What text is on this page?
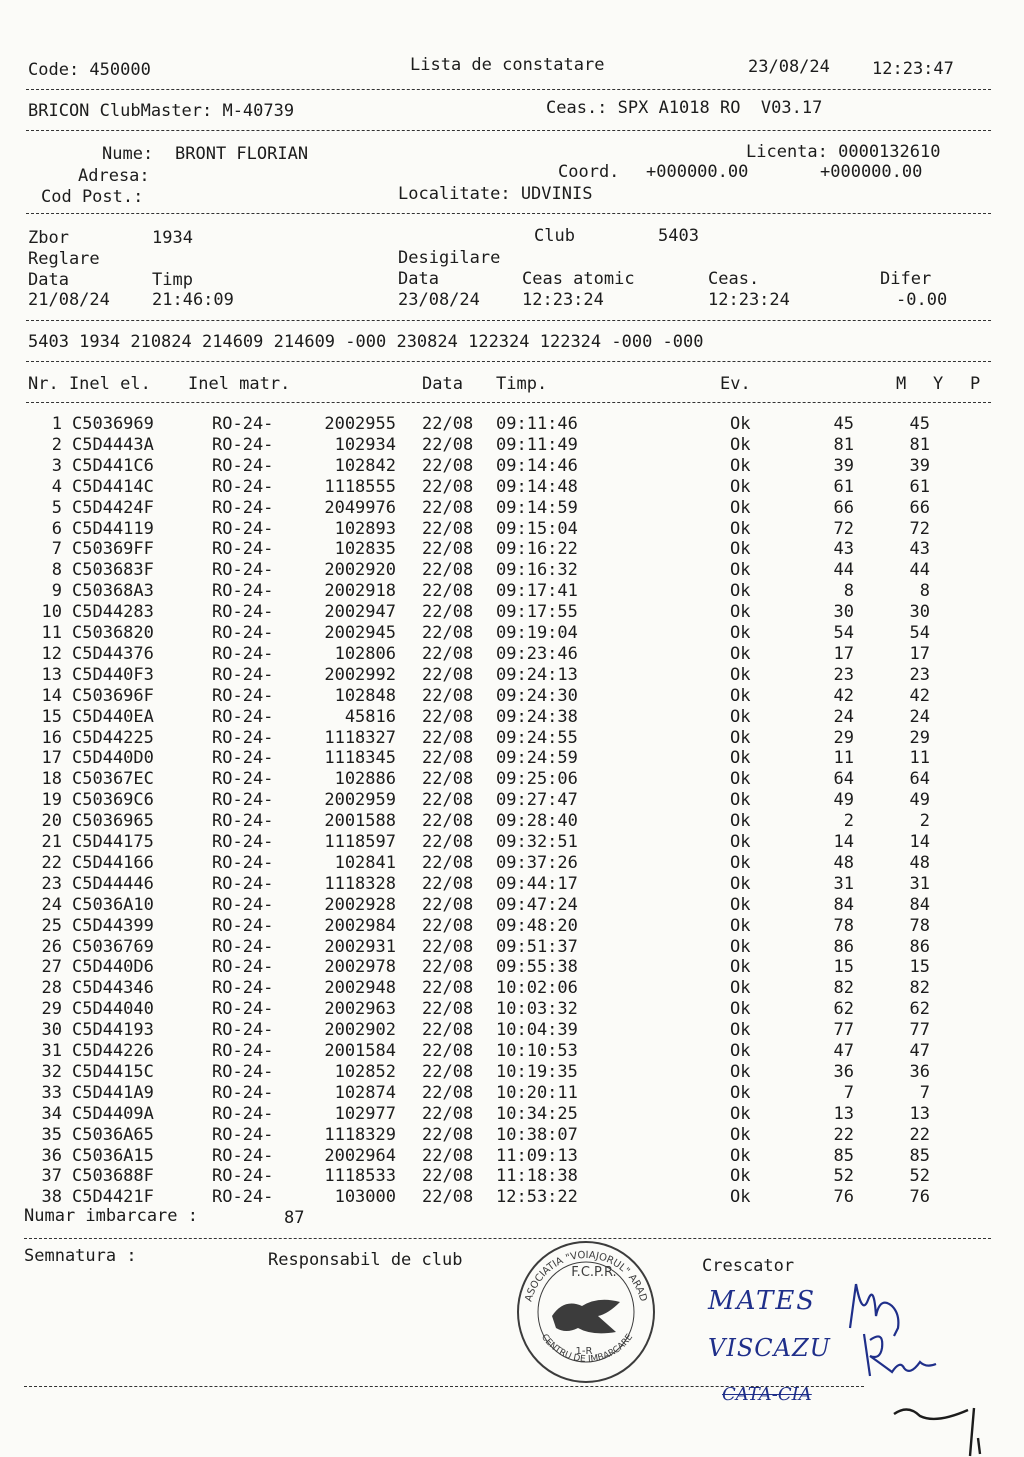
Code: 450000	Lista de constatare	23/08/24 12:23:47
BRICON ClubMaster: M-40739	Ceas.: SPX A1018 RO  V03.17
Nume: BRONT FLORIAN	Licenta: 0000132610
Adresa:	Coord. +000000.00	+000000.00
Cod Post.:	Localitate: UDVINIS
Zbor	1934	Club	5403
Reglare	Desigilare
Data	Timp	Data	Ceas atomic	Ceas.	Difer
21/08/24 21:46:09	23/08/24 12:23:24	12:23:24	-0.00
5403 1934 210824 214609 214609 -000 230824 122324 122324 -000 -000
Nr. Inel el. Inel matr.	Data Timp.	Ev.	M Y P
1 C5036969	RO-24-	2002955 22/08 09:11:46	Ok	45	45
2 C5D4443A	RO-24-	102934 22/08 09:11:49	Ok	81	81
3 C5D441C6	RO-24-	102842 22/08 09:14:46	Ok	39	39
4 C5D4414C	RO-24-	1118555 22/08 09:14:48	Ok	61	61
5 C5D4424F	RO-24-	2049976 22/08 09:14:59	Ok	66	66
6 C5D44119	RO-24-	102893 22/08 09:15:04	Ok	72	72
7 C50369FF	RO-24-	102835 22/08 09:16:22	Ok	43	43
8 C503683F	RO-24-	2002920 22/08 09:16:32	Ok	44	44
9 C50368A3	RO-24-	2002918 22/08 09:17:41	Ok	8	8
10 C5D44283	RO-24-	2002947 22/08 09:17:55	Ok	30	30
11 C5036820	RO-24-	2002945 22/08 09:19:04	Ok	54	54
12 C5D44376	RO-24-	102806 22/08 09:23:46	Ok	17	17
13 C5D440F3	RO-24-	2002992 22/08 09:24:13	Ok	23	23
14 C503696F	RO-24-	102848 22/08 09:24:30	Ok	42	42
15 C5D440EA	RO-24-	45816 22/08 09:24:38	Ok	24	24
16 C5D44225	RO-24-	1118327 22/08 09:24:55	Ok	29	29
17 C5D440D0	RO-24-	1118345 22/08 09:24:59	Ok	11	11
18 C50367EC	RO-24-	102886 22/08 09:25:06	Ok	64	64
19 C50369C6	RO-24-	2002959 22/08 09:27:47	Ok	49	49
20 C5036965	RO-24-	2001588 22/08 09:28:40	Ok	2	2
21 C5D44175	RO-24-	1118597 22/08 09:32:51	Ok	14	14
22 C5D44166	RO-24-	102841 22/08 09:37:26	Ok	48	48
23 C5D44446	RO-24-	1118328 22/08 09:44:17	Ok	31	31
24 C5036A10	RO-24-	2002928 22/08 09:47:24	Ok	84	84
25 C5D44399	RO-24-	2002984 22/08 09:48:20	Ok	78	78
26 C5036769	RO-24-	2002931 22/08 09:51:37	Ok	86	86
27 C5D440D6	RO-24-	2002978 22/08 09:55:38	Ok	15	15
28 C5D44346	RO-24-	2002948 22/08 10:02:06	Ok	82	82
29 C5D44040	RO-24-	2002963 22/08 10:03:32	Ok	62	62
30 C5D44193	RO-24-	2002902 22/08 10:04:39	Ok	77	77
31 C5D44226	RO-24-	2001584 22/08 10:10:53	Ok	47	47
32 C5D4415C	RO-24-	102852 22/08 10:19:35	Ok	36	36
33 C5D441A9	RO-24-	102874 22/08 10:20:11	Ok	7	7
34 C5D4409A	RO-24-	102977 22/08 10:34:25	Ok	13	13
35 C5036A65	RO-24-	1118329 22/08 10:38:07	Ok	22	22
36 C5036A15	RO-24-	2002964 22/08 11:09:13	Ok	85	85
37 C503688F	RO-24-	1118533 22/08 11:18:38	Ok	52	52
38 C5D4421F	RO-24-	103000 22/08 12:53:22	Ok	76	76
Numar imbarcare :	87
Semnatura :	Responsabil de club	Crescator
ASOCIATIA "VOIAJORUL" ARAD
CENTRU DE IMBARCARE
F.C.P.R.
1-R
MATES
VISCAZU
CATA-CIA
